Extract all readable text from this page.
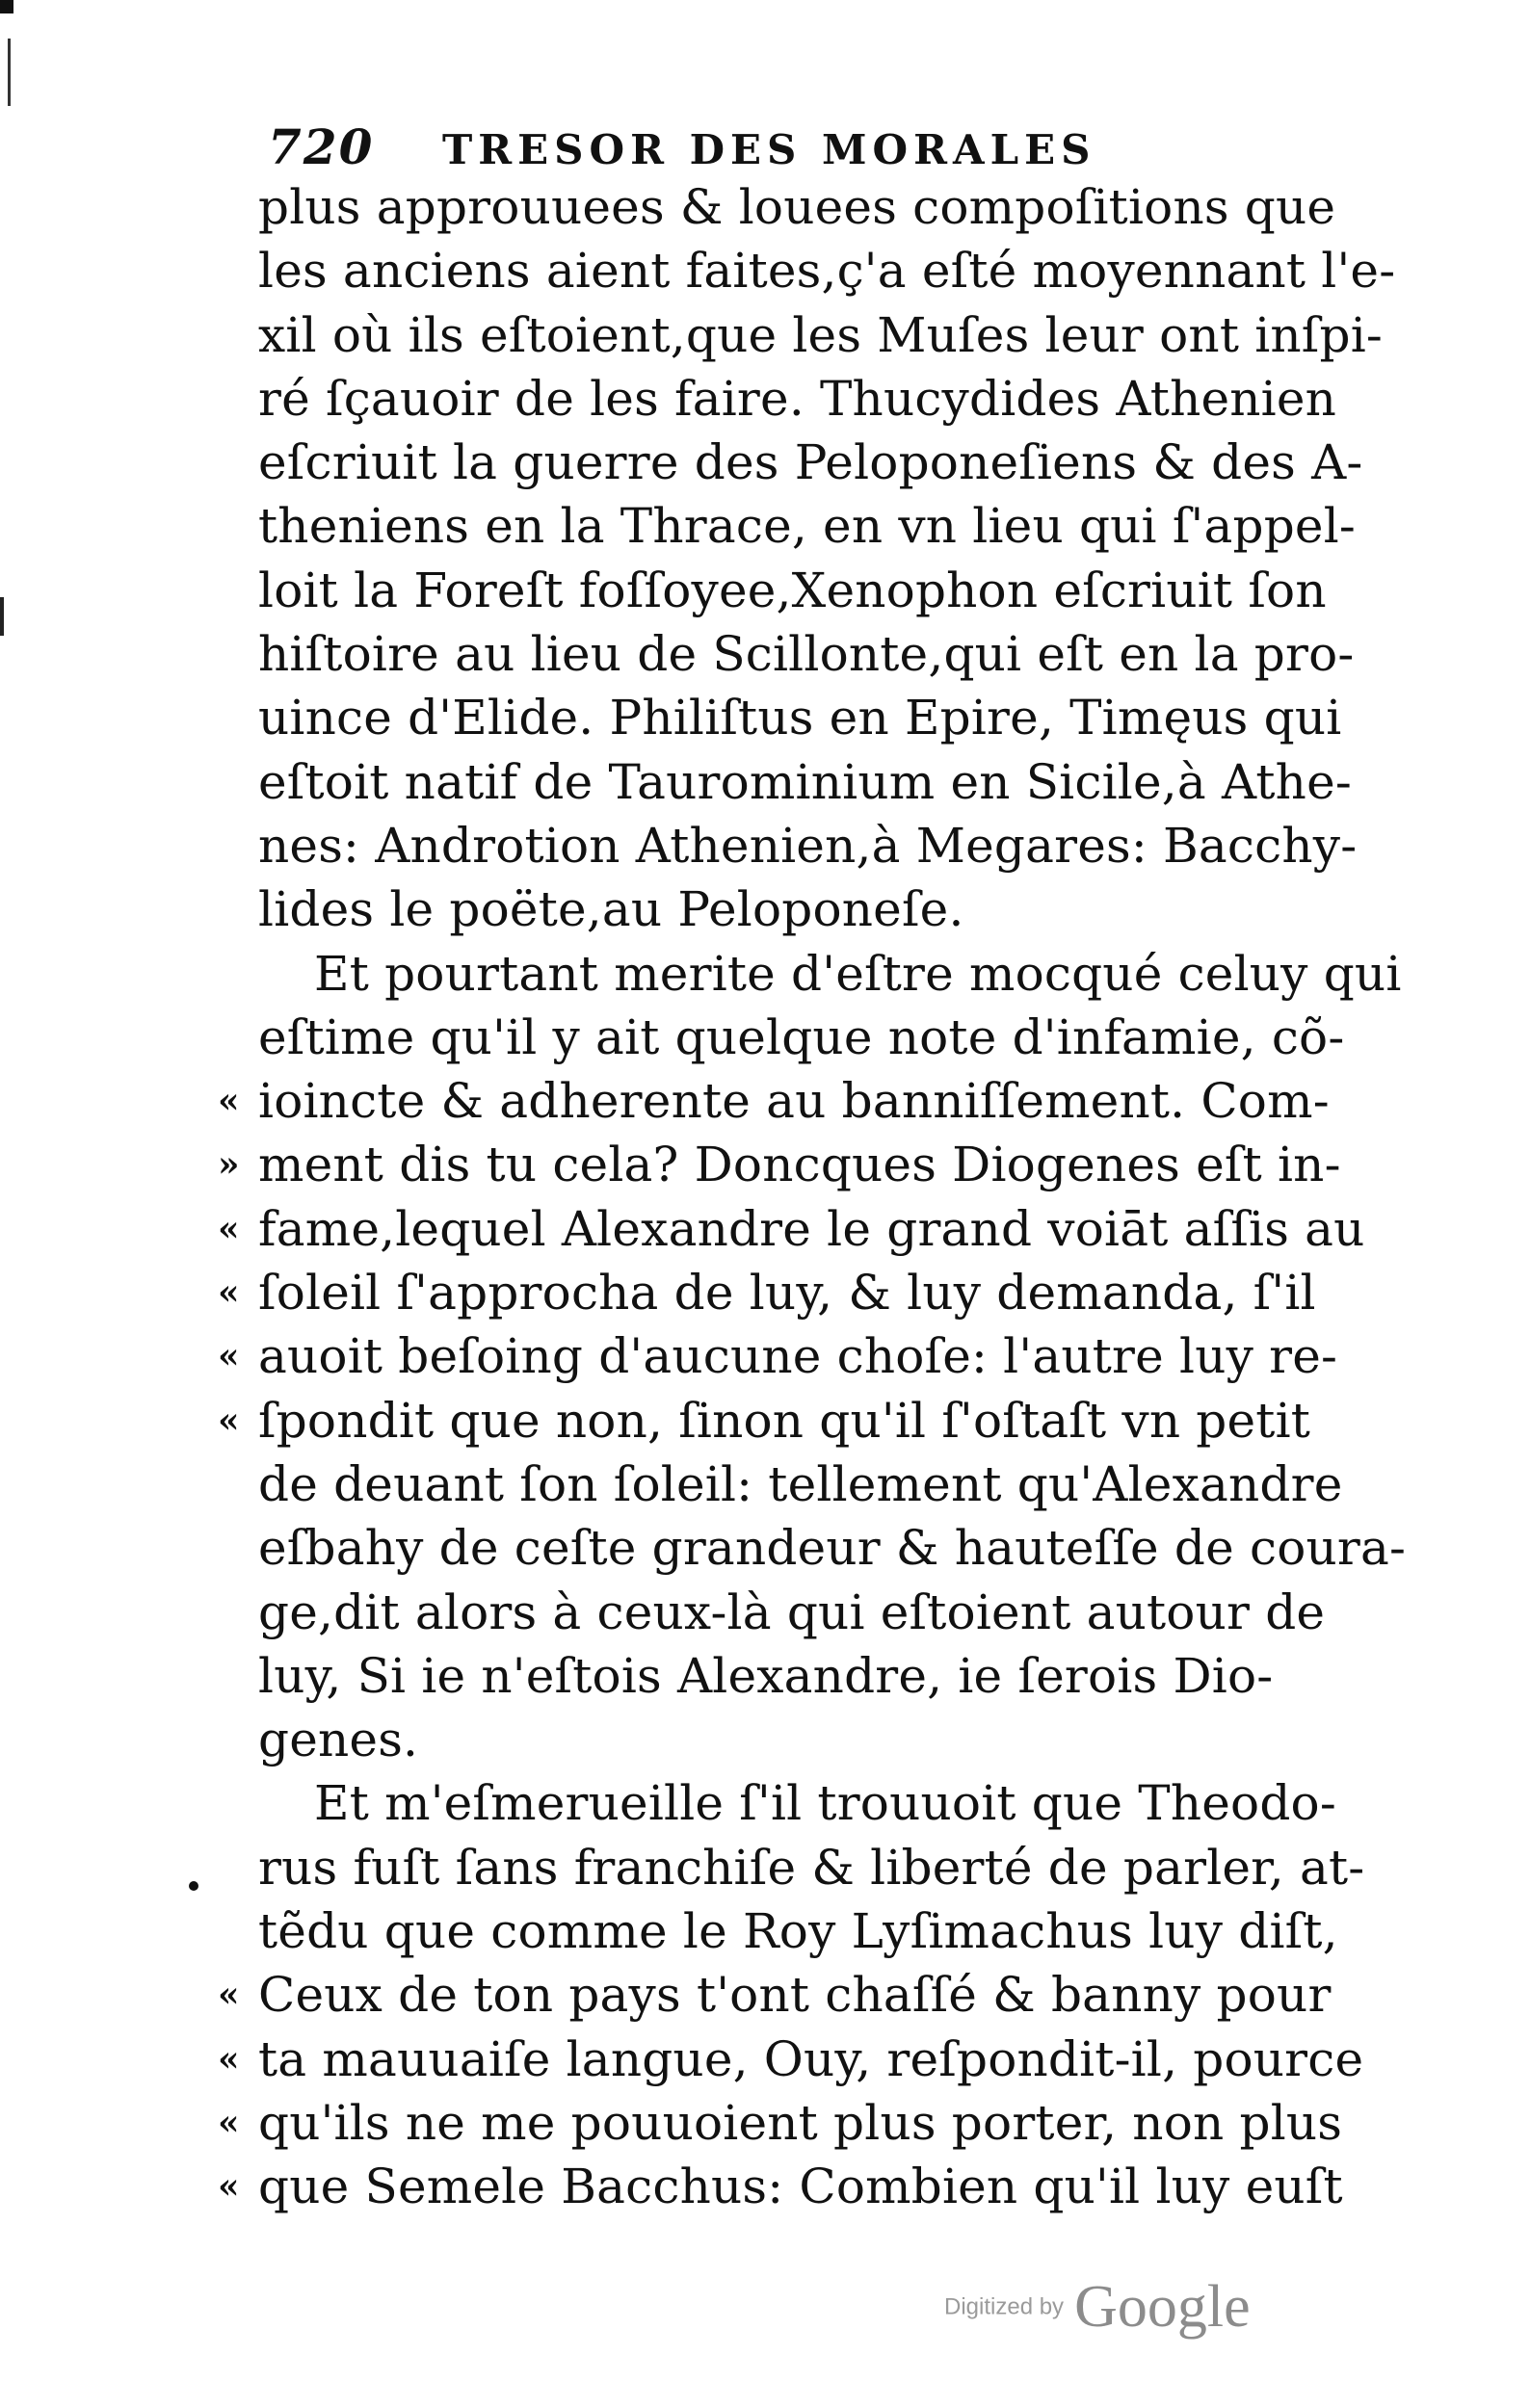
720 TRESOR DES MORALES
plus approuuees & louees compoſitions que
les anciens aient faites,ç'a eſté moyennant l'e-
xil où ils eſtoient,que les Muſes leur ont inſpi-
ré ſçauoir de les faire. Thucydides Athenien
eſcriuit la guerre des Peloponeſiens & des A-
theniens en la Thrace, en vn lieu qui ſ'appel-
loit la Foreſt foſſoyee,Xenophon eſcriuit ſon
hiſtoire au lieu de Scillonte,qui eſt en la pro-
uince d'Elide. Philiſtus en Epire, Timęus qui
eſtoit natif de Taurominium en Sicile,à Athe-
nes: Androtion Athenien,à Megares: Bacchy-
lides le poëte,au Peloponeſe.
Et pourtant merite d'eſtre mocqué celuy qui
eſtime qu'il y ait quelque note d'infamie, cõ-
« ioincte & adherente au banniſſement. Com-
» ment dis tu cela? Doncques Diogenes eſt in-
« fame,lequel Alexandre le grand voiāt aſſis au
« ſoleil ſ'approcha de luy, & luy demanda, ſ'il
« auoit beſoing d'aucune choſe: l'autre luy re-
« ſpondit que non, ſinon qu'il ſ'oſtaſt vn petit
de deuant ſon ſoleil: tellement qu'Alexandre
eſbahy de ceſte grandeur & hauteſſe de coura-
ge,dit alors à ceux-là qui eſtoient autour de
luy, Si ie n'eſtois Alexandre, ie ſerois Dio-
genes.
Et m'eſmerueille ſ'il trouuoit que Theodo-
rus fuſt ſans franchiſe & liberté de parler, at-
tẽdu que comme le Roy Lyſimachus luy diſt,
« Ceux de ton pays t'ont chaſſé & banny pour
« ta mauuaiſe langue, Ouy, reſpondit-il, pource
« qu'ils ne me pouuoient plus porter, non plus
« que Semele Bacchus: Combien qu'il luy euſt
Digitized by Google
